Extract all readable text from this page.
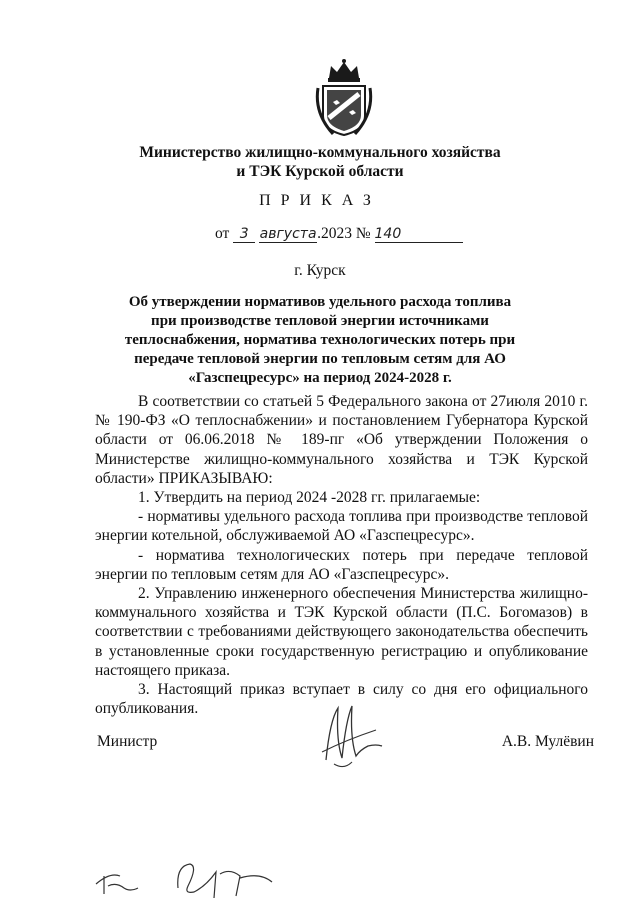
Министерство жилищно-коммунального хозяйства
и ТЭК Курской области
ПРИКАЗ
от 3 августа.2023 № 140
г. Курск
Об утверждении нормативов удельного расхода топлива при производстве тепловой энергии источниками теплоснабжения, норматива технологических потерь при передаче тепловой энергии по тепловым сетям для АО «Газспецресурс» на период 2024-2028 г.

В соответствии со статьей 5 Федерального закона от 27июля 2010 г. № 190-ФЗ «О теплоснабжении» и постановлением Губернатора Курской области от 06.06.2018 № 189-пг «Об утверждении Положения о Министерстве жилищно-коммунального хозяйства и ТЭК Курской области» ПРИКАЗЫВАЮ:

1. Утвердить на период 2024 -2028 гг. прилагаемые:

- нормативы удельного расхода топлива при производстве тепловой энергии котельной, обслуживаемой АО «Газспецресурс».

- норматива технологических потерь при передаче тепловой энергии по тепловым сетям для АО «Газспецресурс».

2. Управлению инженерного обеспечения Министерства жилищно-коммунального хозяйства и ТЭК Курской области (П.С. Богомазов) в соответствии с требованиями действующего законодательства обеспечить в установленные сроки государственную регистрацию и опубликование настоящего приказа.

3. Настоящий приказ вступает в силу со дня его официального опубликования.

Министр	А.В. Мулёвин
